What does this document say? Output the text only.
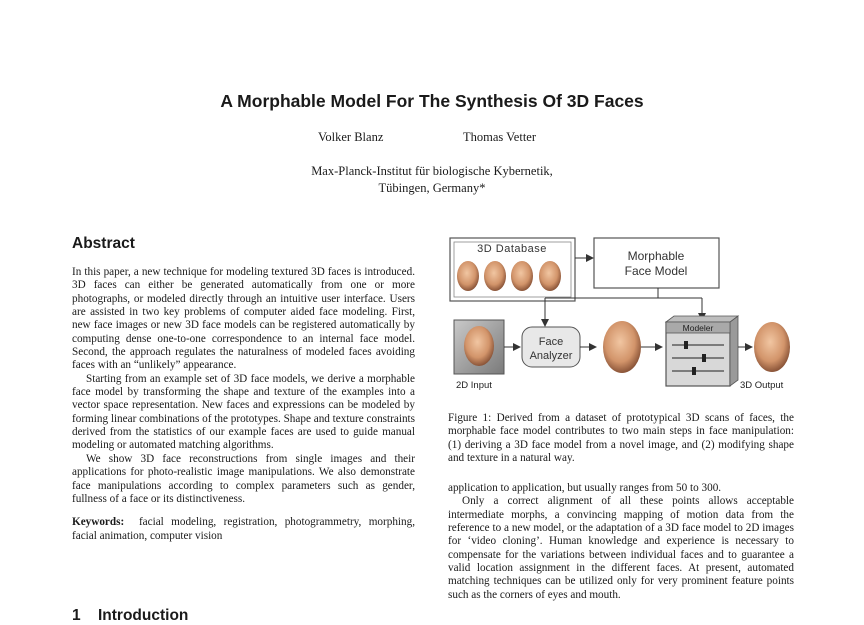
A Morphable Model For The Synthesis Of 3D Faces
Volker Blanz	Thomas Vetter
Max-Planck-Institut für biologische Kybernetik,
Tübingen, Germany*
Abstract

In this paper, a new technique for modeling textured 3D faces is introduced. 3D faces can either be generated automatically from one or more photographs, or modeled directly through an intuitive user interface. Users are assisted in two key problems of computer aided face modeling. First, new face images or new 3D face models can be registered automatically by computing dense one-to-one correspondence to an internal face model. Second, the approach regulates the naturalness of modeled faces avoiding faces with an “unlikely” appearance.

Starting from an example set of 3D face models, we derive a morphable face model by transforming the shape and texture of the examples into a vector space representation. New faces and expressions can be modeled by forming linear combinations of the prototypes. Shape and texture constraints derived from the statistics of our example faces are used to guide manual modeling or automated matching algorithms.

We show 3D face reconstructions from single images and their applications for photo-realistic image manipulations. We also demonstrate face manipulations according to complex parameters such as gender, fullness of a face or its distinctiveness.

Keywords: facial modeling, registration, photogrammetry, morphing, facial animation, computer vision

1 Introduction
3D Database	Morphable
Face Model
Face
Analyzer
Modeler
2D Input	3D Output
Figure 1: Derived from a dataset of prototypical 3D scans of faces, the morphable face model contributes to two main steps in face manipulation: (1) deriving a 3D face model from a novel image, and (2) modifying shape and texture in a natural way.

application to application, but usually ranges from 50 to 300.

Only a correct alignment of all these points allows acceptable intermediate morphs, a convincing mapping of motion data from the reference to a new model, or the adaptation of a 3D face model to 2D images for ‘video cloning’. Human knowledge and experience is necessary to compensate for the variations between individual faces and to guarantee a valid location assignment in the different faces. At present, automated matching techniques can be utilized only for very prominent feature points such as the corners of eyes and mouth.
